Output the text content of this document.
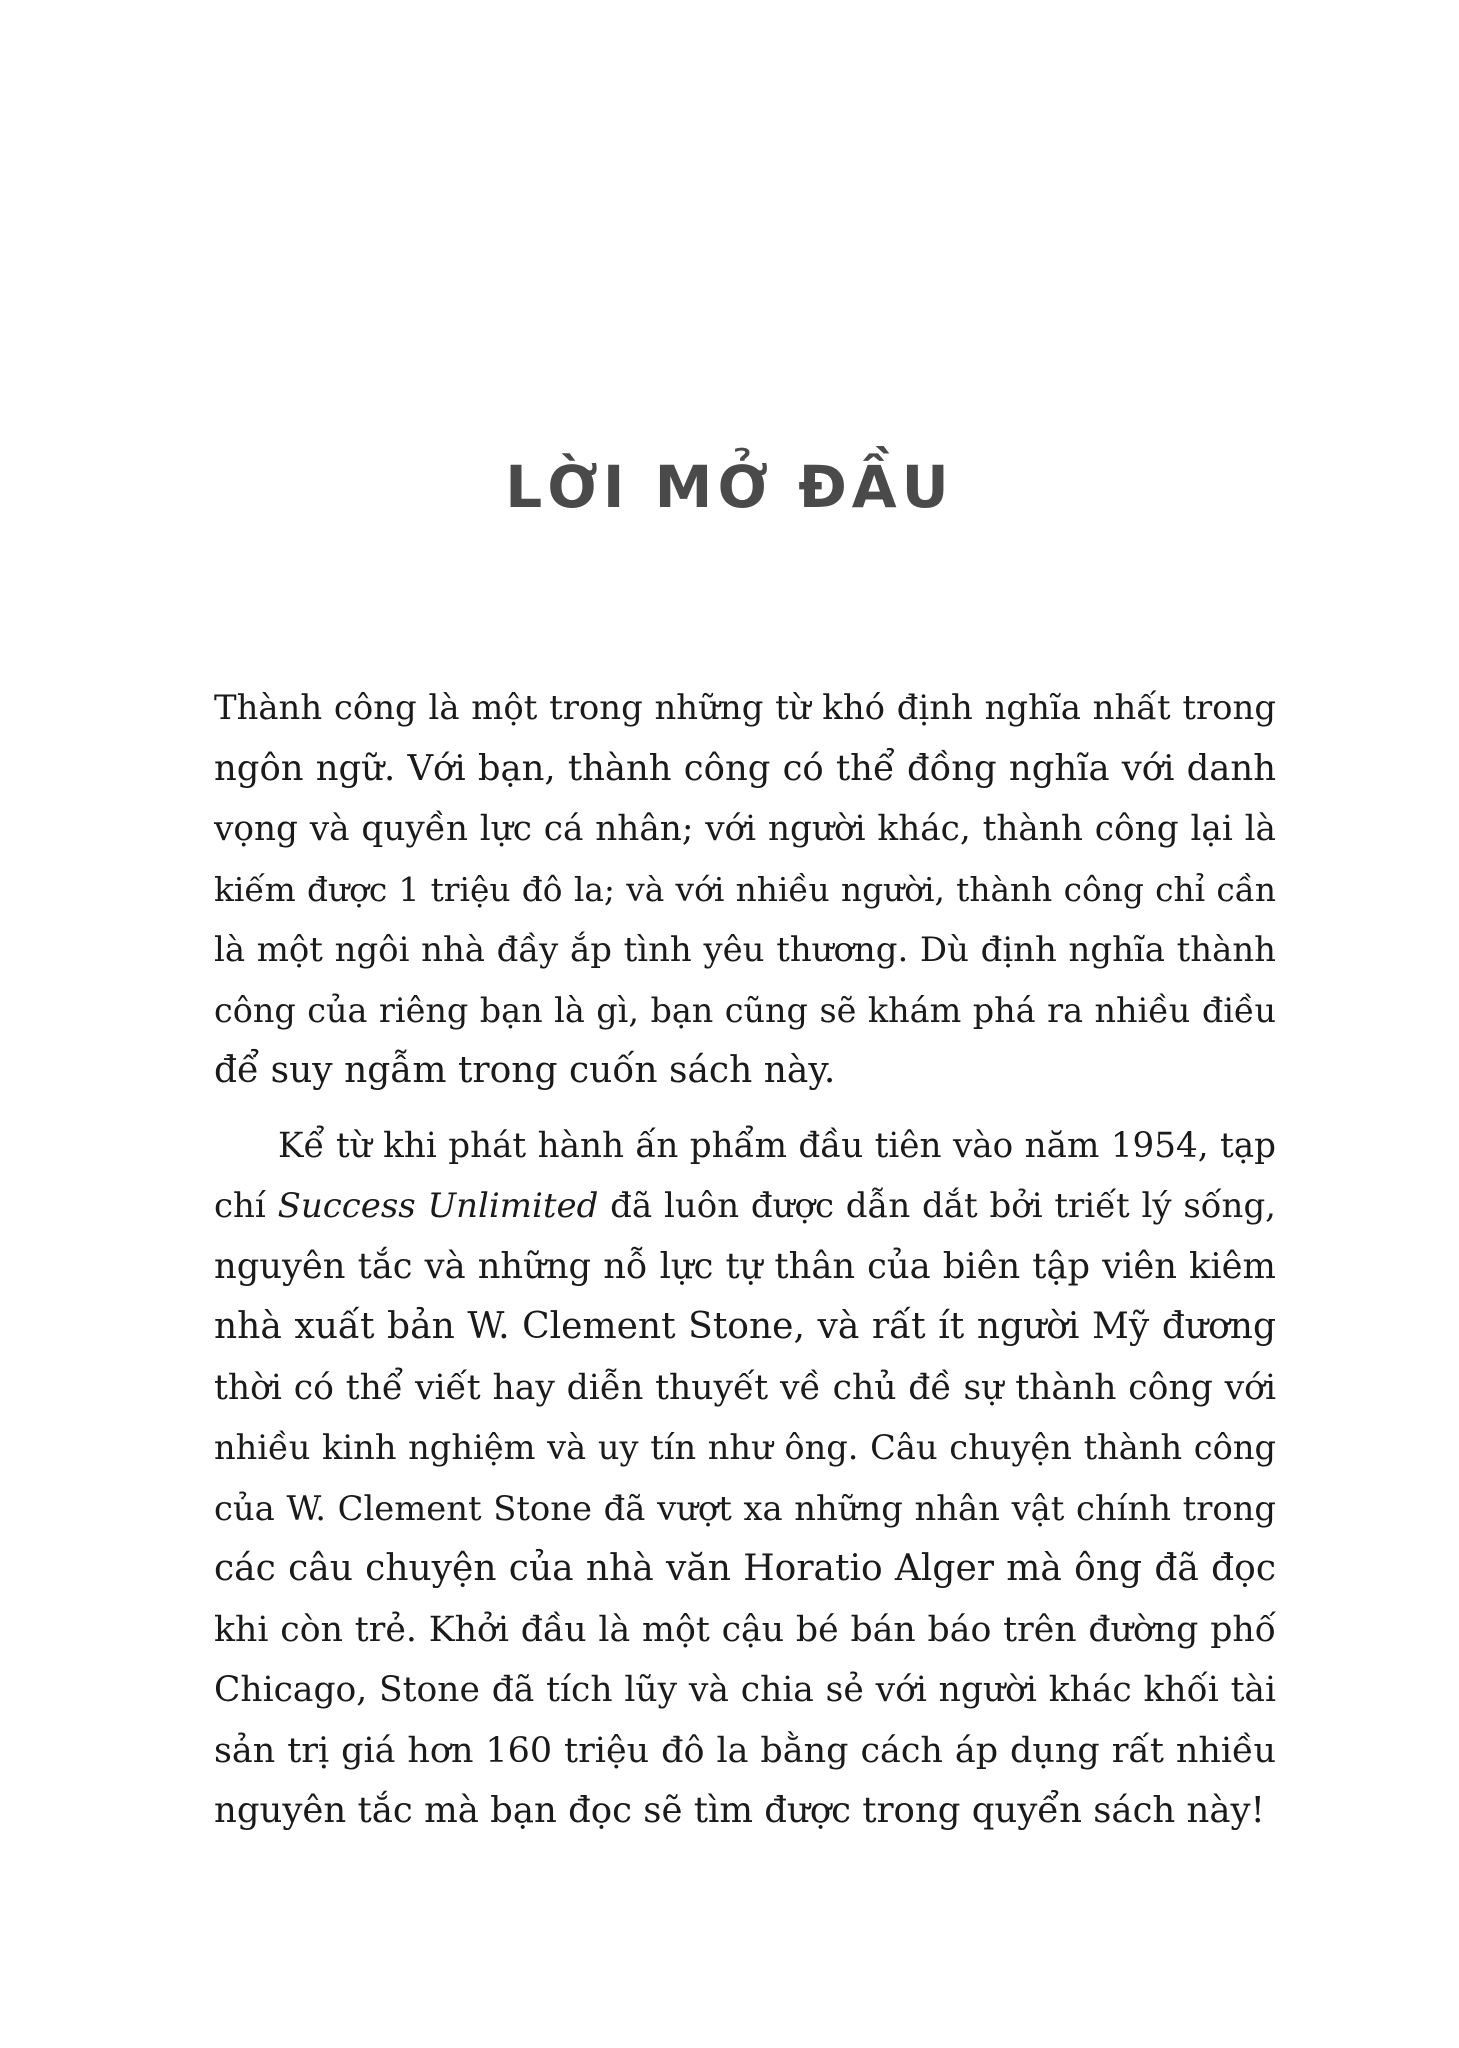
LỜI MỞ ĐẦU

Thành công là một trong những từ khó định nghĩa nhất trong
ngôn ngữ. Với bạn, thành công có thể đồng nghĩa với danh
vọng và quyền lực cá nhân; với người khác, thành công lại là
kiếm được 1 triệu đô la; và với nhiều người, thành công chỉ cần
là một ngôi nhà đầy ắp tình yêu thương. Dù định nghĩa thành
công của riêng bạn là gì, bạn cũng sẽ khám phá ra nhiều điều
để suy ngẫm trong cuốn sách này.

Kể từ khi phát hành ấn phẩm đầu tiên vào năm 1954, tạp
chí Success Unlimited đã luôn được dẫn dắt bởi triết lý sống,
nguyên tắc và những nỗ lực tự thân của biên tập viên kiêm
nhà xuất bản W. Clement Stone, và rất ít người Mỹ đương
thời có thể viết hay diễn thuyết về chủ đề sự thành công với
nhiều kinh nghiệm và uy tín như ông. Câu chuyện thành công
của W. Clement Stone đã vượt xa những nhân vật chính trong
các câu chuyện của nhà văn Horatio Alger mà ông đã đọc
khi còn trẻ. Khởi đầu là một cậu bé bán báo trên đường phố
Chicago, Stone đã tích lũy và chia sẻ với người khác khối tài
sản trị giá hơn 160 triệu đô la bằng cách áp dụng rất nhiều
nguyên tắc mà bạn đọc sẽ tìm được trong quyển sách này!
